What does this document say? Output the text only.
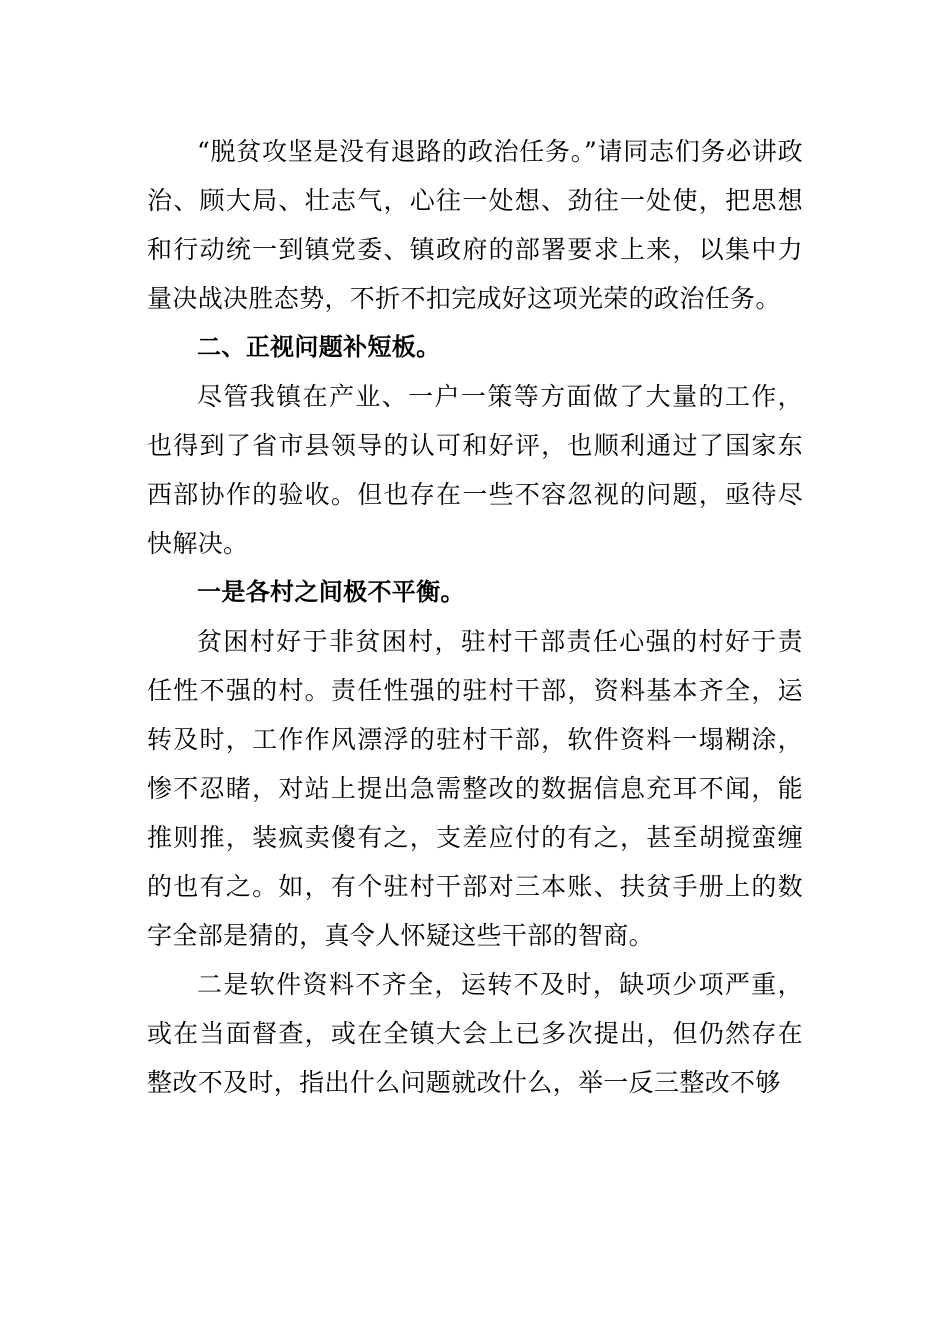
“脱贫攻坚是没有退路的政治任务。”请同志们务必讲政治、顾大局、壮志气，心往一处想、劲往一处使，把思想和行动统一到镇党委、镇政府的部署要求上来，以集中力量决战决胜态势，不折不扣完成好这项光荣的政治任务。

二、正视问题补短板。

尽管我镇在产业、一户一策等方面做了大量的工作，也得到了省市县领导的认可和好评，也顺利通过了国家东西部协作的验收。但也存在一些不容忽视的问题，亟待尽快解决。

一是各村之间极不平衡。

贫困村好于非贫困村，驻村干部责任心强的村好于责任性不强的村。责任性强的驻村干部，资料基本齐全，运转及时，工作作风漂浮的驻村干部，软件资料一塌糊涂，惨不忍睹，对站上提出急需整改的数据信息充耳不闻，能推则推，装疯卖傻有之，支差应付的有之，甚至胡搅蛮缠的也有之。如，有个驻村干部对三本账、扶贫手册上的数字全部是猜的，真令人怀疑这些干部的智商。

二是软件资料不齐全，运转不及时，缺项少项严重，或在当面督查，或在全镇大会上已多次提出，但仍然存在整改不及时，指出什么问题就改什么，举一反三整改不够
